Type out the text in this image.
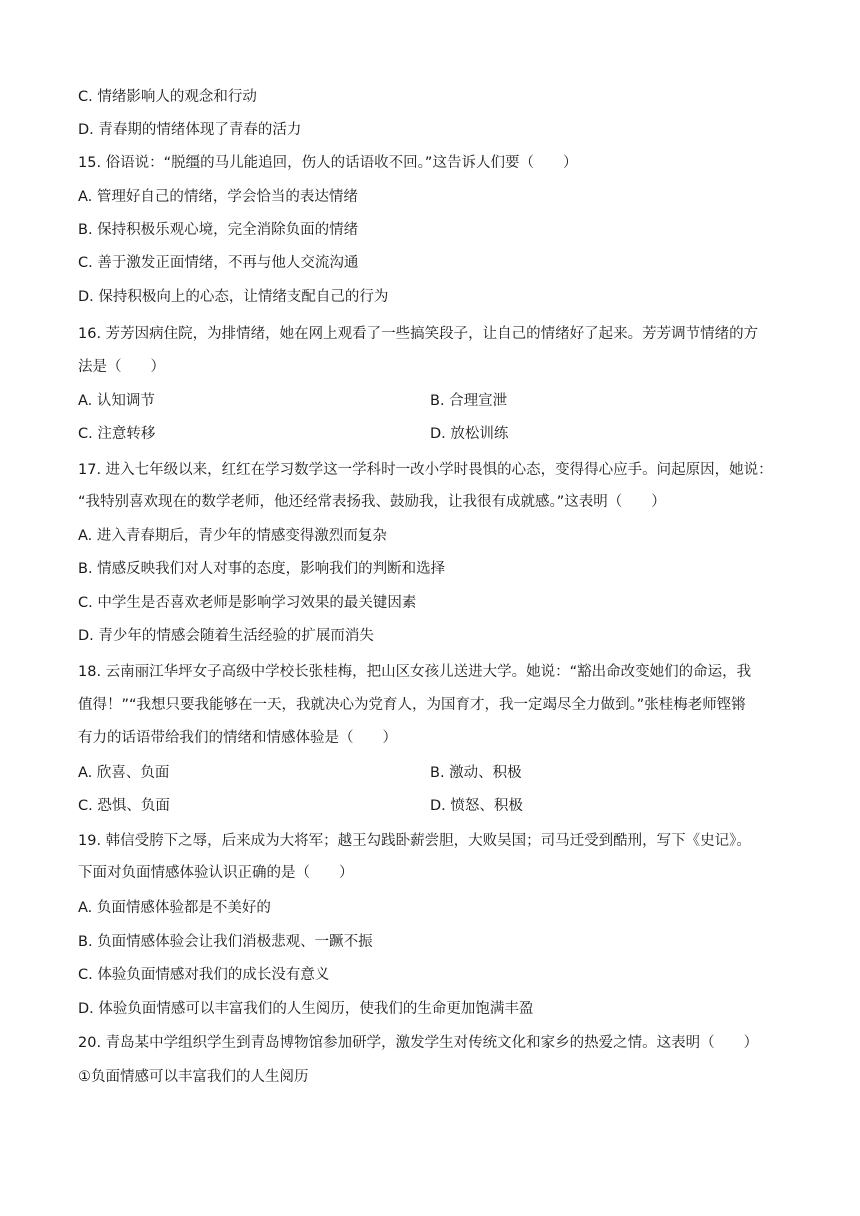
C. 情绪影响人的观念和行动
D. 青春期的情绪体现了青春的活力
15. 俗语说：“脱缰的马儿能追回，伤人的话语收不回。”这告诉人们要（　　）
A. 管理好自己的情绪，学会恰当的表达情绪
B. 保持积极乐观心境，完全消除负面的情绪
C. 善于激发正面情绪，不再与他人交流沟通
D. 保持积极向上的心态，让情绪支配自己的行为
16. 芳芳因病住院，为排情绪，她在网上观看了一些搞笑段子，让自己的情绪好了起来。芳芳调节情绪的方
法是（　　）
A. 认知调节	B. 合理宣泄
C. 注意转移	D. 放松训练
17. 进入七年级以来，红红在学习数学这一学科时一改小学时畏惧的心态，变得得心应手。问起原因，她说：
“我特别喜欢现在的数学老师，他还经常表扬我、鼓励我，让我很有成就感。”这表明（　　）
A. 进入青春期后，青少年的情感变得激烈而复杂
B. 情感反映我们对人对事的态度，影响我们的判断和选择
C. 中学生是否喜欢老师是影响学习效果的最关键因素
D. 青少年的情感会随着生活经验的扩展而消失
18. 云南丽江华坪女子高级中学校长张桂梅，把山区女孩儿送进大学。她说：“豁出命改变她们的命运，我
值得！”“我想只要我能够在一天，我就决心为党育人，为国育才，我一定竭尽全力做到。”张桂梅老师铿锵
有力的话语带给我们的情绪和情感体验是（　　）
A. 欣喜、负面	B. 激动、积极
C. 恐惧、负面	D. 愤怒、积极
19. 韩信受胯下之辱，后来成为大将军；越王勾践卧薪尝胆，大败吴国；司马迁受到酷刑，写下《史记》。
下面对负面情感体验认识正确的是（　　）
A. 负面情感体验都是不美好的
B. 负面情感体验会让我们消极悲观、一蹶不振
C. 体验负面情感对我们的成长没有意义
D. 体验负面情感可以丰富我们的人生阅历，使我们的生命更加饱满丰盈
20. 青岛某中学组织学生到青岛博物馆参加研学，激发学生对传统文化和家乡的热爱之情。这表明（　　）
①负面情感可以丰富我们的人生阅历
